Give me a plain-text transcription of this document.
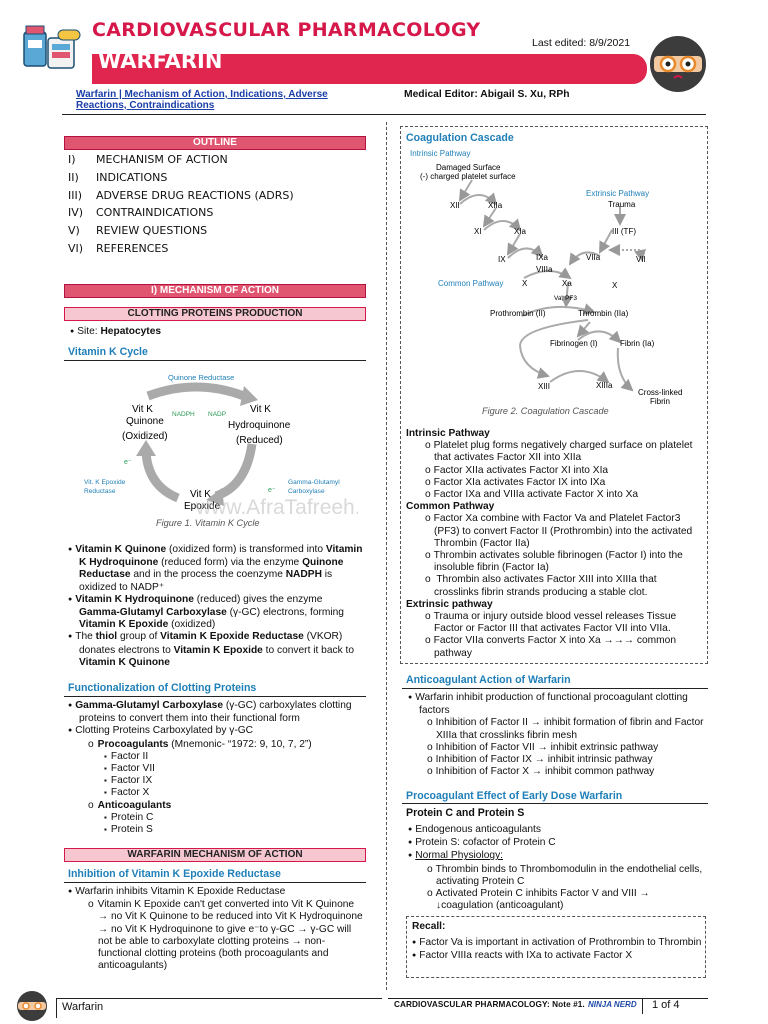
CARDIOVASCULAR PHARMACOLOGY
WARFARIN
Last edited: 8/9/2021
Warfarin | Mechanism of Action, Indications, Adverse Reactions, Contraindications
Medical Editor: Abigail S. Xu, RPh
OUTLINE
I) MECHANISM OF ACTION
II) INDICATIONS
III) ADVERSE DRUG REACTIONS (ADRS)
IV) CONTRAINDICATIONS
V) REVIEW QUESTIONS
VI) REFERENCES
I) MECHANISM OF ACTION
CLOTTING PROTEINS PRODUCTION
● Site: Hepatocytes
Vitamin K Cycle
Quinone Reductase
NADPH NADP
Vit K
Quinone
(Oxidized)
Vit K
Hydroquinone
(Reduced)
Vit K
Epoxide
e⁻
e⁻
Gamma-Glutamyl
Carboxylase
Vit. K Epoxide
Reductase
www.AfraTafreeh
Figure 1. Vitamin K Cycle
● Vitamin K Quinone (oxidized form) is transformed into Vitamin K Hydroquinone (reduced form) via the enzyme Quinone Reductase and in the process the coenzyme NADPH is oxidized to NADP⁺
● Vitamin K Hydroquinone (reduced) gives the enzyme Gamma-Glutamyl Carboxylase (γ-GC) electrons, forming Vitamin K Epoxide (oxidized)
● The thiol group of Vitamin K Epoxide Reductase (VKOR) donates electrons to Vitamin K Epoxide to convert it back to Vitamin K Quinone
Functionalization of Clotting Proteins
● Gamma-Glutamyl Carboxylase (γ-GC) carboxylates clotting proteins to convert them into their functional form
● Clotting Proteins Carboxylated by γ-GC
o Procoagulants (Mnemonic- “1972: 9, 10, 7, 2”)
▪ Factor II
▪ Factor VII
▪ Factor IX
▪ Factor X
o Anticoagulants
▪ Protein C
▪ Protein S
WARFARIN MECHANISM OF ACTION
Inhibition of Vitamin K Epoxide Reductase
● Warfarin inhibits Vitamin K Epoxide Reductase
o Vitamin K Epoxide can't get converted into Vit K Quinone → no Vit K Quinone to be reduced into Vit K Hydroquinone → no Vit K Hydroquinone to give e⁻to γ-GC → γ-GC will not be able to carboxylate clotting proteins → non-functional clotting proteins (both procoagulants and anticoagulants)
Coagulation Cascade
Intrinsic Pathway
Damaged Surface
(-) charged platelet surface
Extrinsic Pathway
Trauma
XII	XIIa
XI	XIa	III (TF)
IX	IXa	VIIa	VII
VIIIa
Common Pathway X	Xa	X
Va, PF3
Prothrombin (II)	Thrombin (IIa)
Fibrinogen (I)	Fibrin (Ia)
XIII	XIIIa
Cross-linked
Fibrin
Figure 2. Coagulation Cascade
Intrinsic Pathway
o Platelet plug forms negatively charged surface on platelet that activates Factor XII into XIIa
o Factor XIIa activates Factor XI into XIa
o Factor XIa activates Factor IX into IXa
o Factor IXa and VIIIa activate Factor X into Xa
Common Pathway
o Factor Xa combine with Factor Va and Platelet Factor3 (PF3) to convert Factor II (Prothrombin) into the activated Thrombin (Factor IIa)
o Thrombin activates soluble fibrinogen (Factor I) into the insoluble fibrin (Factor Ia)
o Thrombin also activates Factor XIII into XIIIa that crosslinks fibrin strands producing a stable clot.
Extrinsic pathway
o Trauma or injury outside blood vessel releases Tissue Factor or Factor III that activates Factor VII into VIIa.
o Factor VIIa converts Factor X into Xa →→→ common pathway
Anticoagulant Action of Warfarin
● Warfarin inhibit production of functional procoagulant clotting factors
o Inhibition of Factor II → inhibit formation of fibrin and Factor XIIIa that crosslinks fibrin mesh
o Inhibition of Factor VII → inhibit extrinsic pathway
o Inhibition of Factor IX → inhibit intrinsic pathway
o Inhibition of Factor X → inhibit common pathway
Procoagulant Effect of Early Dose Warfarin
Protein C and Protein S
● Endogenous anticoagulants
● Protein S: cofactor of Protein C
● Normal Physiology:
o Thrombin binds to Thrombomodulin in the endothelial cells, activating Protein C
o Activated Protein C inhibits Factor V and VIII → ↓coagulation (anticoagulant)
Recall:
● Factor Va is important in activation of Prothrombin to Thrombin
● Factor VIIIa reacts with IXa to activate Factor X
Warfarin	CARDIOVASCULAR PHARMACOLOGY: Note #1. NINJA NERD 1 of 4
